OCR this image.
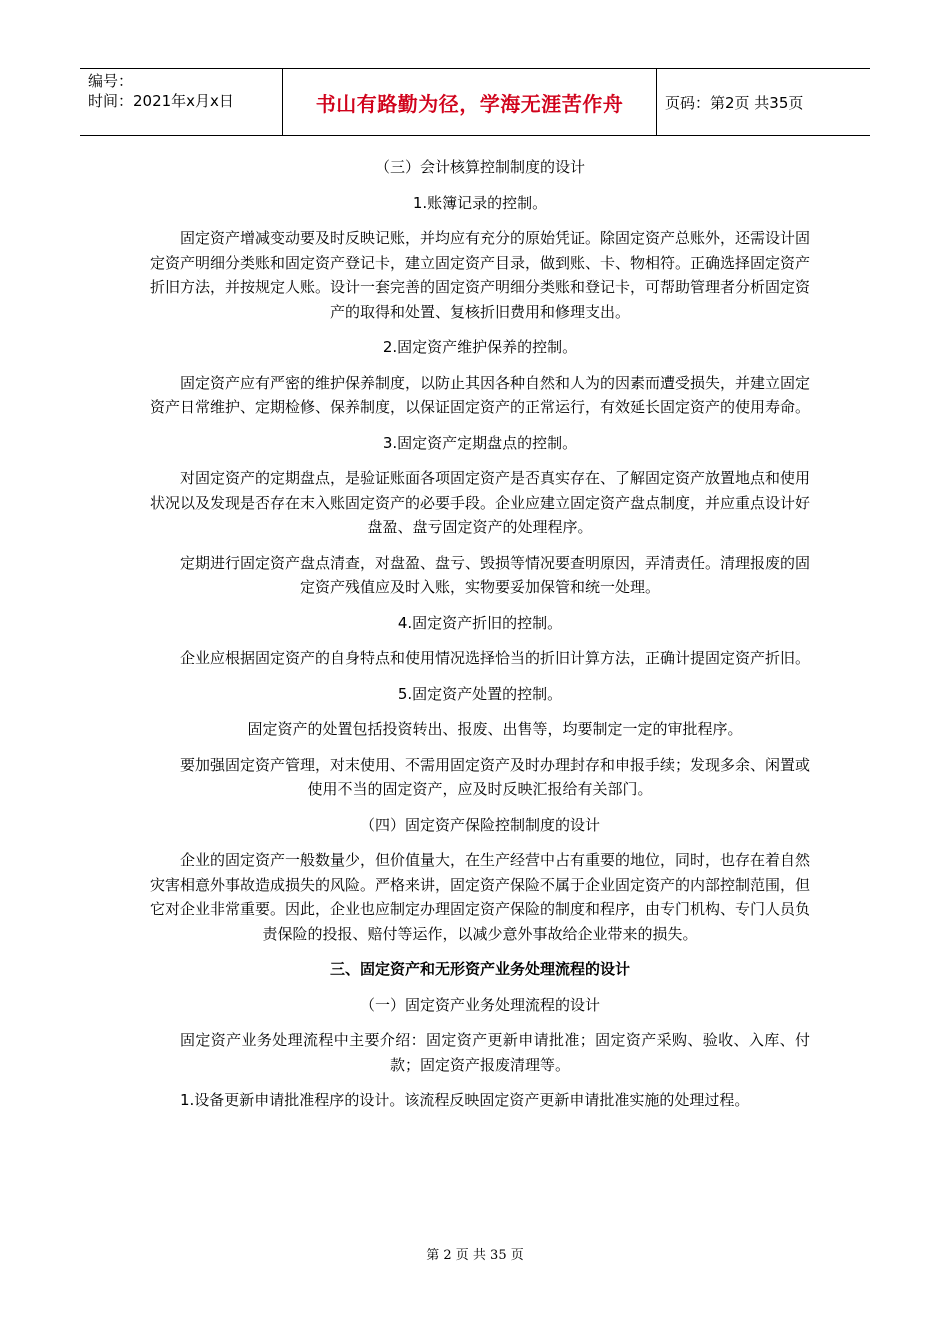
编号：
时间：2021年x月x日	书山有路勤为径，学海无涯苦作舟	页码：第2页 共35页

（三）会计核算控制制度的设计

1.账簿记录的控制。

固定资产增减变动要及时反映记账，并均应有充分的原始凭证。除固定资产总账外，还需设计固定资产明细分类账和固定资产登记卡，建立固定资产目录，做到账、卡、物相符。正确选择固定资产折旧方法，并按规定人账。设计一套完善的固定资产明细分类账和登记卡，可帮助管理者分析固定资产的取得和处置、复核折旧费用和修理支出。

2.固定资产维护保养的控制。

固定资产应有严密的维护保养制度，以防止其因各种自然和人为的因素而遭受损失，并建立固定资产日常维护、定期检修、保养制度，以保证固定资产的正常运行，有效延长固定资产的使用寿命。

3.固定资产定期盘点的控制。

对固定资产的定期盘点，是验证账面各项固定资产是否真实存在、了解固定资产放置地点和使用状况以及发现是否存在末入账固定资产的必要手段。企业应建立固定资产盘点制度，并应重点设计好盘盈、盘亏固定资产的处理程序。

定期进行固定资产盘点清查，对盘盈、盘亏、毁损等情况要查明原因，弄清责任。清理报废的固定资产残值应及时入账，实物要妥加保管和统一处理。

4.固定资产折旧的控制。

企业应根据固定资产的自身特点和使用情况选择恰当的折旧计算方法，正确计提固定资产折旧。

5.固定资产处置的控制。

固定资产的处置包括投资转出、报废、出售等，均要制定一定的审批程序。

要加强固定资产管理，对末使用、不需用固定资产及时办理封存和申报手续；发现多余、闲置或使用不当的固定资产，应及时反映汇报给有关部门。

（四）固定资产保险控制制度的设计

企业的固定资产一般数量少，但价值量大，在生产经营中占有重要的地位，同时，也存在着自然灾害相意外事故造成损失的风险。严格来讲，固定资产保险不属于企业固定资产的内部控制范围，但它对企业非常重要。因此，企业也应制定办理固定资产保险的制度和程序，由专门机构、专门人员负责保险的投报、赔付等运作，以减少意外事故给企业带来的损失。

三、固定资产和无形资产业务处理流程的设计

（一）固定资产业务处理流程的设计

固定资产业务处理流程中主要介绍：固定资产更新申请批准；固定资产采购、验收、入库、付款；固定资产报废清理等。

1.设备更新申请批准程序的设计。该流程反映固定资产更新申请批准实施的处理过程。

第 2 页 共 35 页
